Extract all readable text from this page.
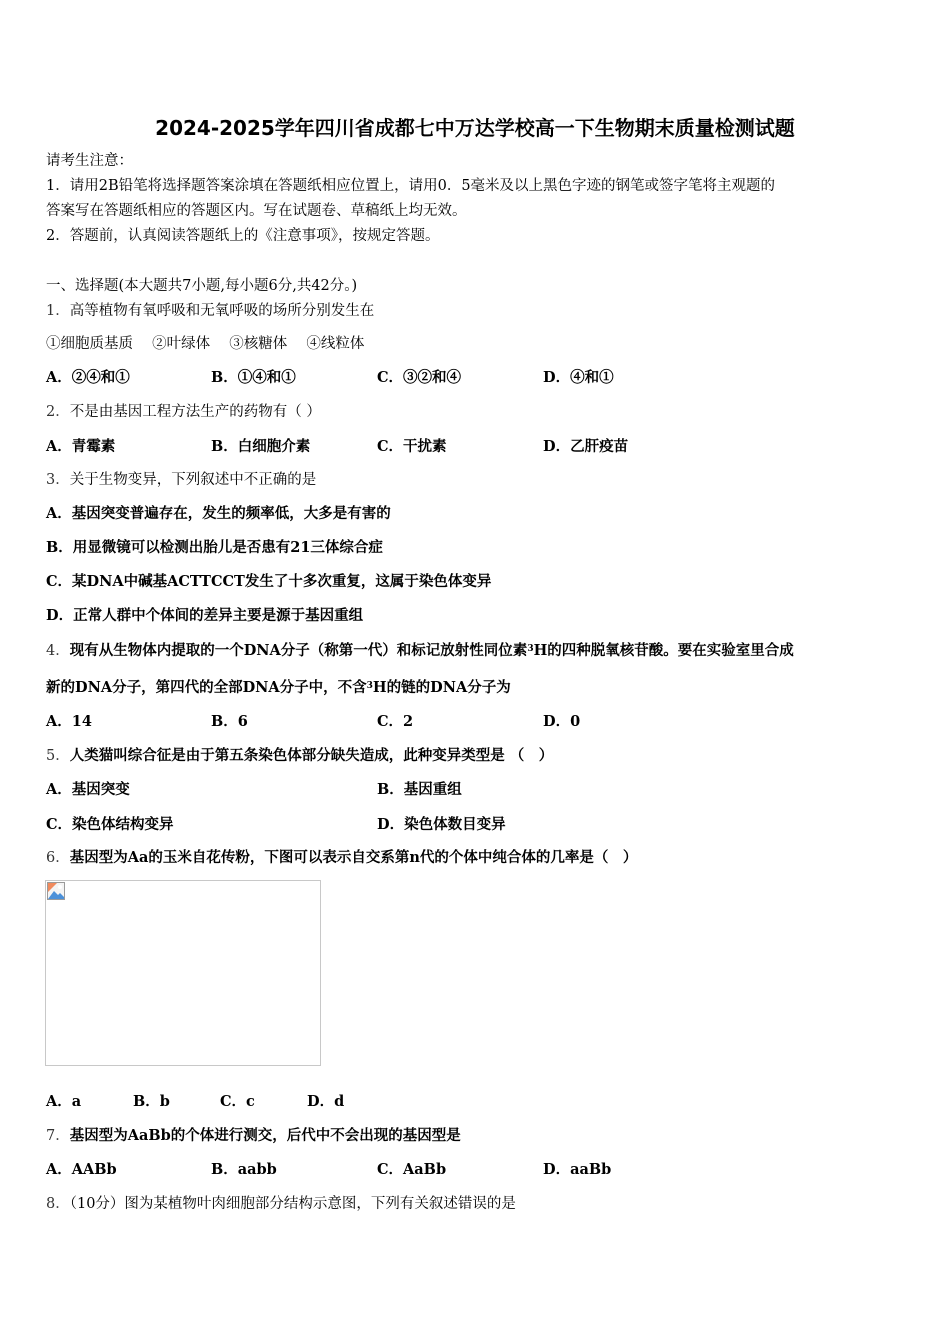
2024-2025学年四川省成都七中万达学校高一下生物期末质量检测试题
请考生注意：
1．请用2B铅笔将选择题答案涂填在答题纸相应位置上，请用0．5毫米及以上黑色字迹的钢笔或签字笔将主观题的
答案写在答题纸相应的答题区内。写在试题卷、草稿纸上均无效。
2．答题前，认真阅读答题纸上的《注意事项》，按规定答题。
一、选择题(本大题共7小题,每小题6分,共42分。)
1．高等植物有氧呼吸和无氧呼吸的场所分别发生在
①细胞质基质　 ②叶绿体　 ③核糖体　 ④线粒体
A．②④和①	B．①④和①	C．③②和④	D．④和①
2．不是由基因工程方法生产的药物有（ ）
A．青霉素	B．白细胞介素	C．干扰素	D．乙肝疫苗
3．关于生物变异，下列叙述中不正确的是
A．基因突变普遍存在，发生的频率低，大多是有害的
B．用显微镜可以检测出胎儿是否患有21三体综合症
C．某DNA中碱基ACTTCCT发生了十多次重复，这属于染色体变异
D．正常人群中个体间的差异主要是源于基因重组
4．现有从生物体内提取的一个DNA分子（称第一代）和标记放射性同位素$^3$H的四种脱氧核苷酸。要在实验室里合成
新的DNA分子，第四代的全部DNA分子中，不含$^3$H的链的DNA分子为
A．14	B．6	C．2	D．0
5．人类猫叫综合征是由于第五条染色体部分缺失造成，此种变异类型是 （　）
A．基因突变	B．基因重组
C．染色体结构变异	D．染色体数目变异
6．基因型为Aa的玉米自花传粉，下图可以表示自交系第n代的个体中纯合体的几率是（　）
A．a	B．b	C．c	D．d
7．基因型为AaBb的个体进行测交，后代中不会出现的基因型是
A．AABb	B．aabb	C．AaBb	D．aaBb
8．（10分）图为某植物叶肉细胞部分结构示意图，下列有关叙述错误的是
